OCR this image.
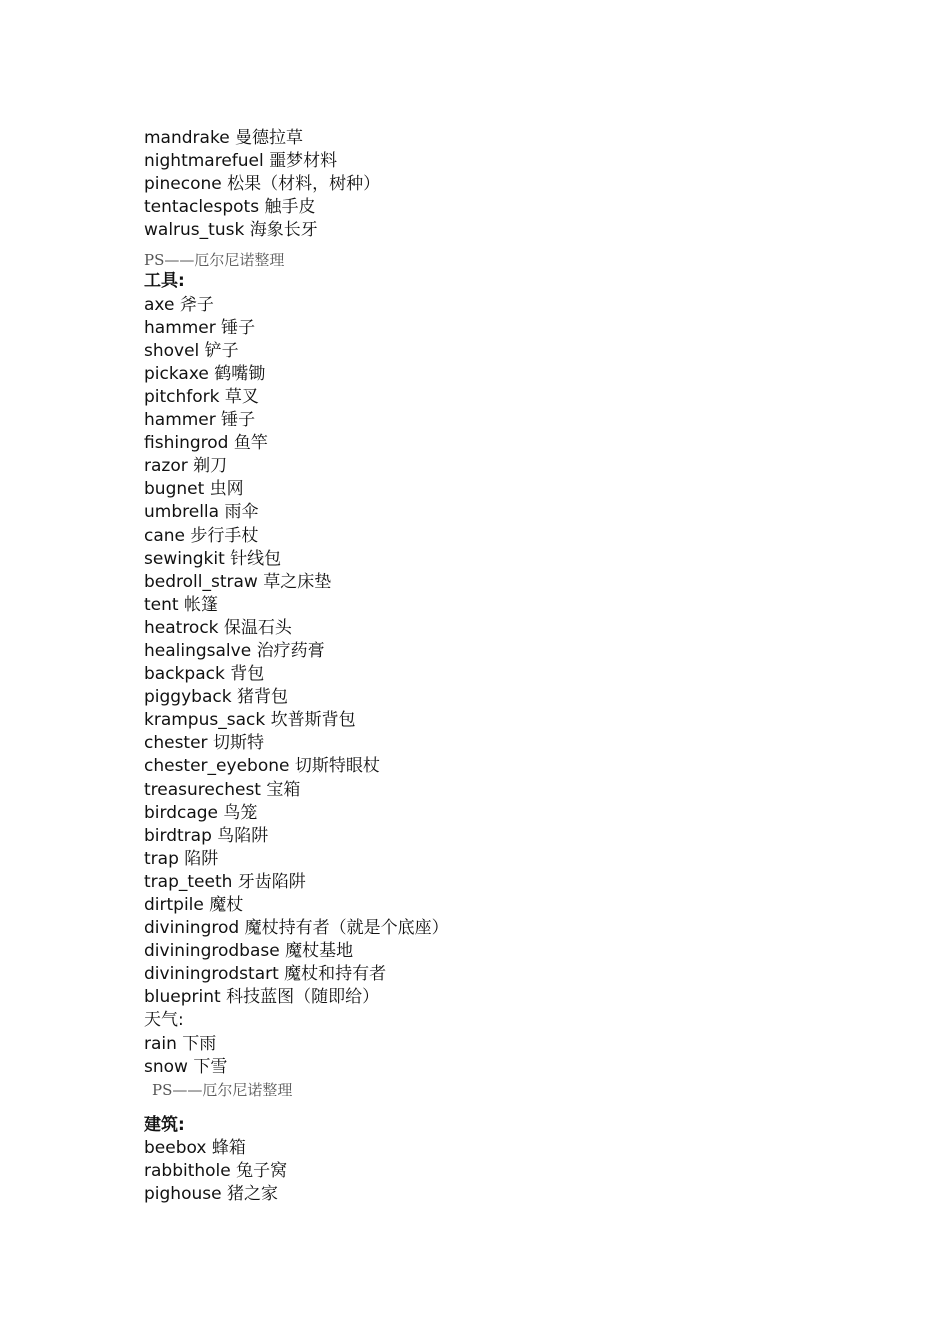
mandrake 曼德拉草
nightmarefuel 噩梦材料
pinecone 松果（材料，树种）
tentaclespots 触手皮
walrus_tusk 海象长牙
PS——厄尔尼诺整理
工具:
axe 斧子
hammer 锤子
shovel 铲子
pickaxe 鹤嘴锄
pitchfork 草叉
hammer 锤子
fishingrod 鱼竿
razor 剃刀
bugnet 虫网
umbrella 雨伞
cane 步行手杖
sewingkit 针线包
bedroll_straw 草之床垫
tent 帐篷
heatrock 保温石头
healingsalve 治疗药膏
backpack 背包
piggyback 猪背包
krampus_sack 坎普斯背包
chester 切斯特
chester_eyebone 切斯特眼杖
treasurechest 宝箱
birdcage 鸟笼
birdtrap 鸟陷阱
trap 陷阱
trap_teeth 牙齿陷阱
dirtpile 魔杖
diviningrod 魔杖持有者（就是个底座）
diviningrodbase 魔杖基地
diviningrodstart 魔杖和持有者
blueprint 科技蓝图（随即给）
天气:
rain 下雨
snow 下雪
PS——厄尔尼诺整理
建筑:
beebox 蜂箱
rabbithole 兔子窝
pighouse 猪之家
